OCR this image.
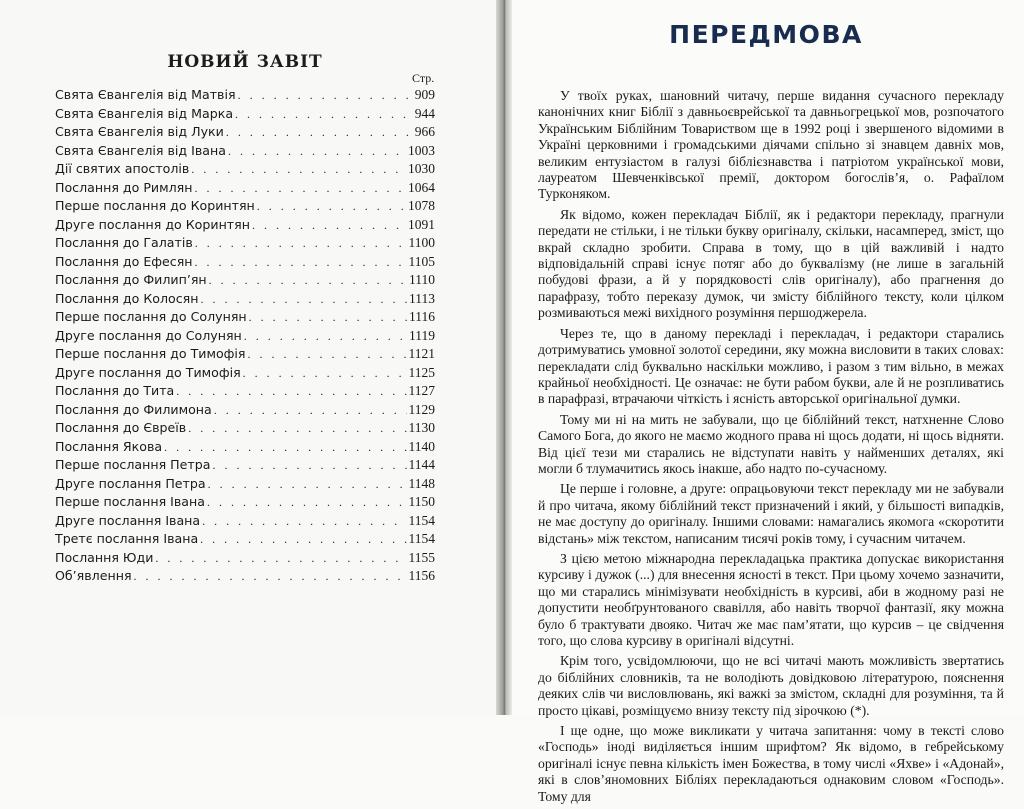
НОВИЙ ЗАВІТ
Стр.
Свята Євангелія від Матвія . . .	909
Свята Євангелія від Марка . . .	944
Свята Євангелія від Луки . . .	966
Свята Євангелія від Івана . . .	1003
Дії святих апостолів . . .	1030
Послання до Римлян . . .	1064
Перше послання до Коринтян . . .	1078
Друге послання до Коринтян . . .	1091
Послання до Галатів . . .	1100
Послання до Ефесян . . .	1105
Послання до Филип’ян . . .	1110
Послання до Колосян . . .	1113
Перше послання до Солунян . . .	1116
Друге послання до Солунян . . .	1119
Перше послання до Тимофія . . .	1121
Друге послання до Тимофія . . .	1125
Послання до Тита . . .	1127
Послання до Филимона . . .	1129
Послання до Євреїв . . .	1130
Послання Якова . . .	1140
Перше послання Петра . . .	1144
Друге послання Петра . . .	1148
Перше послання Івана . . .	1150
Друге послання Івана . . .	1154
Третє послання Івана . . .	1154
Послання Юди . . .	1155
Об’явлення . . .	1156
ПЕРЕДМОВА

У твоїх руках, шановний читачу, перше видання сучасного перекладу канонічних книг Біблії з давньоєврейської та давньогрецької мов, розпочатого Українським Біблійним Товариством ще в 1992 році і звершеного відомими в Україні церковними і громадськими діячами спільно зі знавцем давніх мов, великим ентузіастом в галузі біблієзнавства і патріотом української мови, лауреатом Шевченківської премії, доктором богослів’я, о. Рафаїлом Турконяком.

Як відомо, кожен перекладач Біблії, як і редактори перекладу, прагнули передати не стільки, і не тільки букву оригіналу, скільки, насамперед, зміст, що вкрай складно зробити. Справа в тому, що в цій важливій і надто відповідальній справі існує потяг або до буквалізму (не лише в загальній побудові фрази, а й у порядковості слів оригіналу), або прагнення до парафразу, тобто переказу думок, чи змісту біблійного тексту, коли цілком розмиваються межі вихідного розуміння першоджерела.

Через те, що в даному перекладі і перекладач, і редактори старались дотримуватись умовної золотої середини, яку можна висловити в таких словах: перекладати слід буквально наскільки можливо, і разом з тим вільно, в межах крайньої необхідності. Це означає: не бути рабом букви, але й не розпливатись в парафразі, втрачаючи чіткість і ясність авторської оригінальної думки.

Тому ми ні на мить не забували, що це біблійний текст, натхненне Слово Самого Бога, до якого не маємо жодного права ні щось додати, ні щось відняти. Від цієї тези ми старались не відступати навіть у найменших деталях, які могли б тлумачитись якось інакше, або надто по-сучасному.

Це перше і головне, а друге: опрацьовуючи текст перекладу ми не забували й про читача, якому біблійний текст призначений і який, у більшості випадків, не має доступу до оригіналу. Іншими словами: намагались якомога «скоротити відстань» між текстом, написаним тисячі років тому, і сучасним читачем.

З цією метою міжнародна перекладацька практика допускає використання курсиву і дужок (...) для внесення ясності в текст. При цьому хочемо зазначити, що ми старались мінімізувати необхідність в курсиві, аби в жодному разі не допустити необґрунтованого свавілля, або навіть творчої фантазії, яку можна було б трактувати двояко. Читач же має пам’ятати, що курсив – це свідчення того, що слова курсиву в оригіналі відсутні.

Крім того, усвідомлюючи, що не всі читачі мають можливість звертатись до біблійних словників, та не володіють довідковою літературою, пояснення деяких слів чи висловлювань, які важкі за змістом, складні для розуміння, та й просто цікаві, розміщуємо внизу тексту під зірочкою (*).

І ще одне, що може викликати у читача запитання: чому в тексті слово «Господь» іноді виділяється іншим шрифтом? Як відомо, в гебрейському оригіналі існує певна кількість імен Божества, в тому числі «Яхве» і «Адонай», які в слов’яномовних Бібліях перекладаються однаковим словом «Господь». Тому для
